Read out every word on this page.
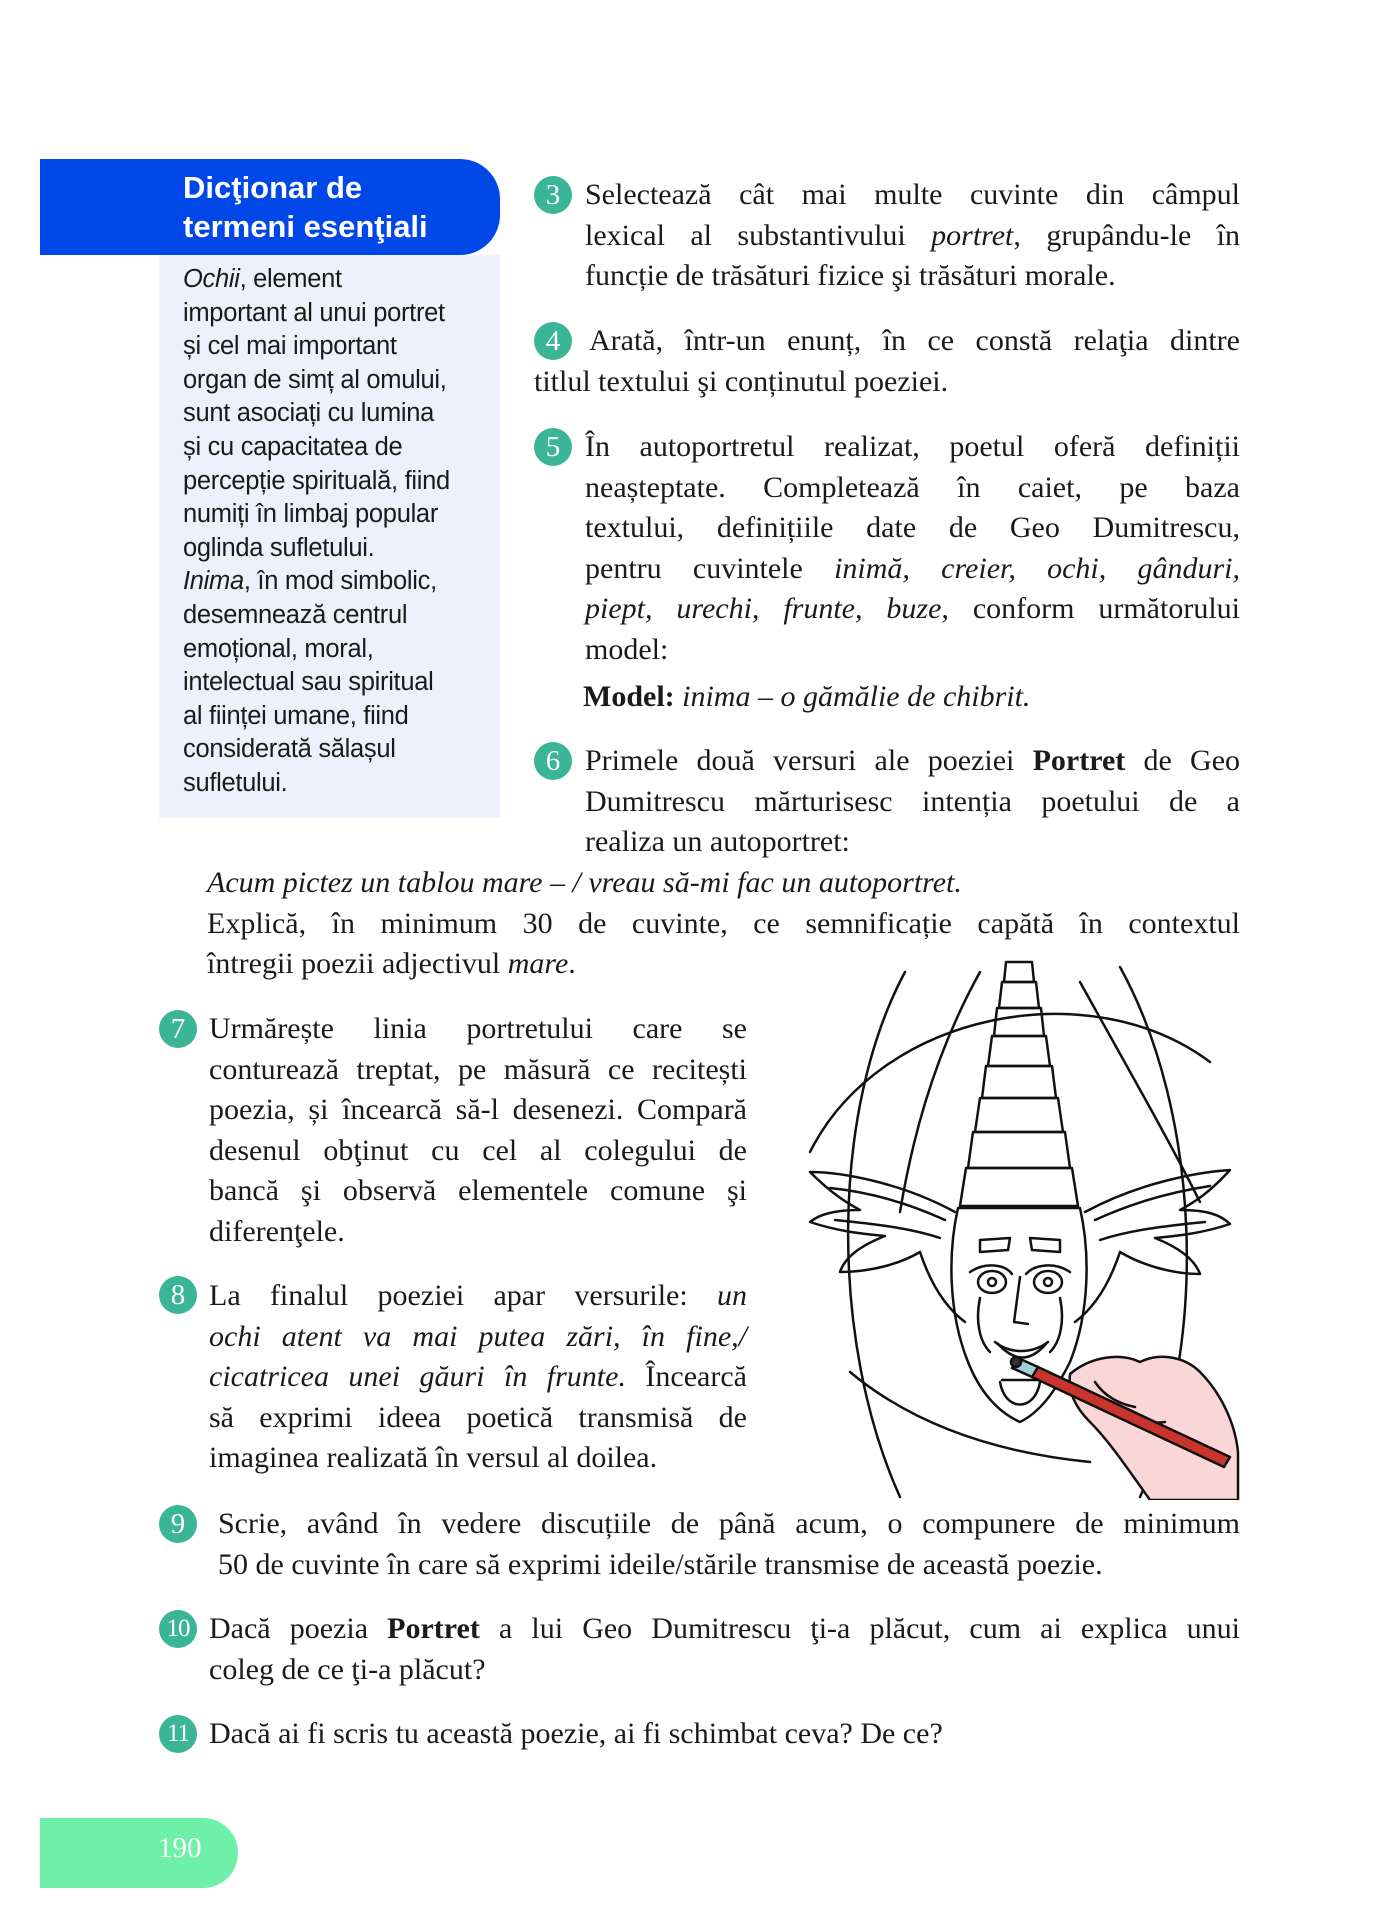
Dicţionar de
termeni esenţiali
Ochii, element
important al unui portret
și cel mai important
organ de simț al omului,
sunt asociați cu lumina
și cu capacitatea de
percepție spirituală, fiind
numiți în limbaj popular
oglinda sufletului.
Inima, în mod simbolic,
desemnează centrul
emoțional, moral,
intelectual sau spiritual
al ființei umane, fiind
considerată sălașul
sufletului.
3 Selectează cât mai multe cuvinte din câmpul
lexical al substantivului portret, grupându-le în
funcție de trăsături fizice şi trăsături morale.
4 Arată, într-un enunț, în ce constă relaţia dintre
titlul textului şi conținutul poeziei.
5 În autoportretul realizat, poetul oferă definiții
neașteptate. Completează în caiet, pe baza
textului, definițiile date de Geo Dumitrescu,
pentru cuvintele inimă, creier, ochi, gânduri,
piept, urechi, frunte, buze, conform următorului
model:
Model: inima – o gămălie de chibrit.
6 Primele două versuri ale poeziei Portret de Geo
Dumitrescu mărturisesc intenția poetului de a
realiza un autoportret:
Acum pictez un tablou mare – / vreau să-mi fac un autoportret.
Explică, în minimum 30 de cuvinte, ce semnificație capătă în contextul
întregii poezii adjectivul mare.
7 Urmărește linia portretului care se
conturează treptat, pe măsură ce recitești
poezia, și încearcă să-l desenezi. Compară
desenul obţinut cu cel al colegului de
bancă şi observă elementele comune şi
diferenţele.
8 La finalul poeziei apar versurile: un
ochi atent va mai putea zări, în fine,/
cicatricea unei găuri în frunte. Încearcă
să exprimi ideea poetică transmisă de
imaginea realizată în versul al doilea.
9	Scrie, având în vedere discuțiile de până acum, o compunere de minimum
50 de cuvinte în care să exprimi ideile/stările transmise de această poezie.
10 Dacă poezia Portret a lui Geo Dumitrescu ţi-a plăcut, cum ai explica unui
coleg de ce ţi-a plăcut?
11 Dacă ai fi scris tu această poezie, ai fi schimbat ceva? De ce?
190
